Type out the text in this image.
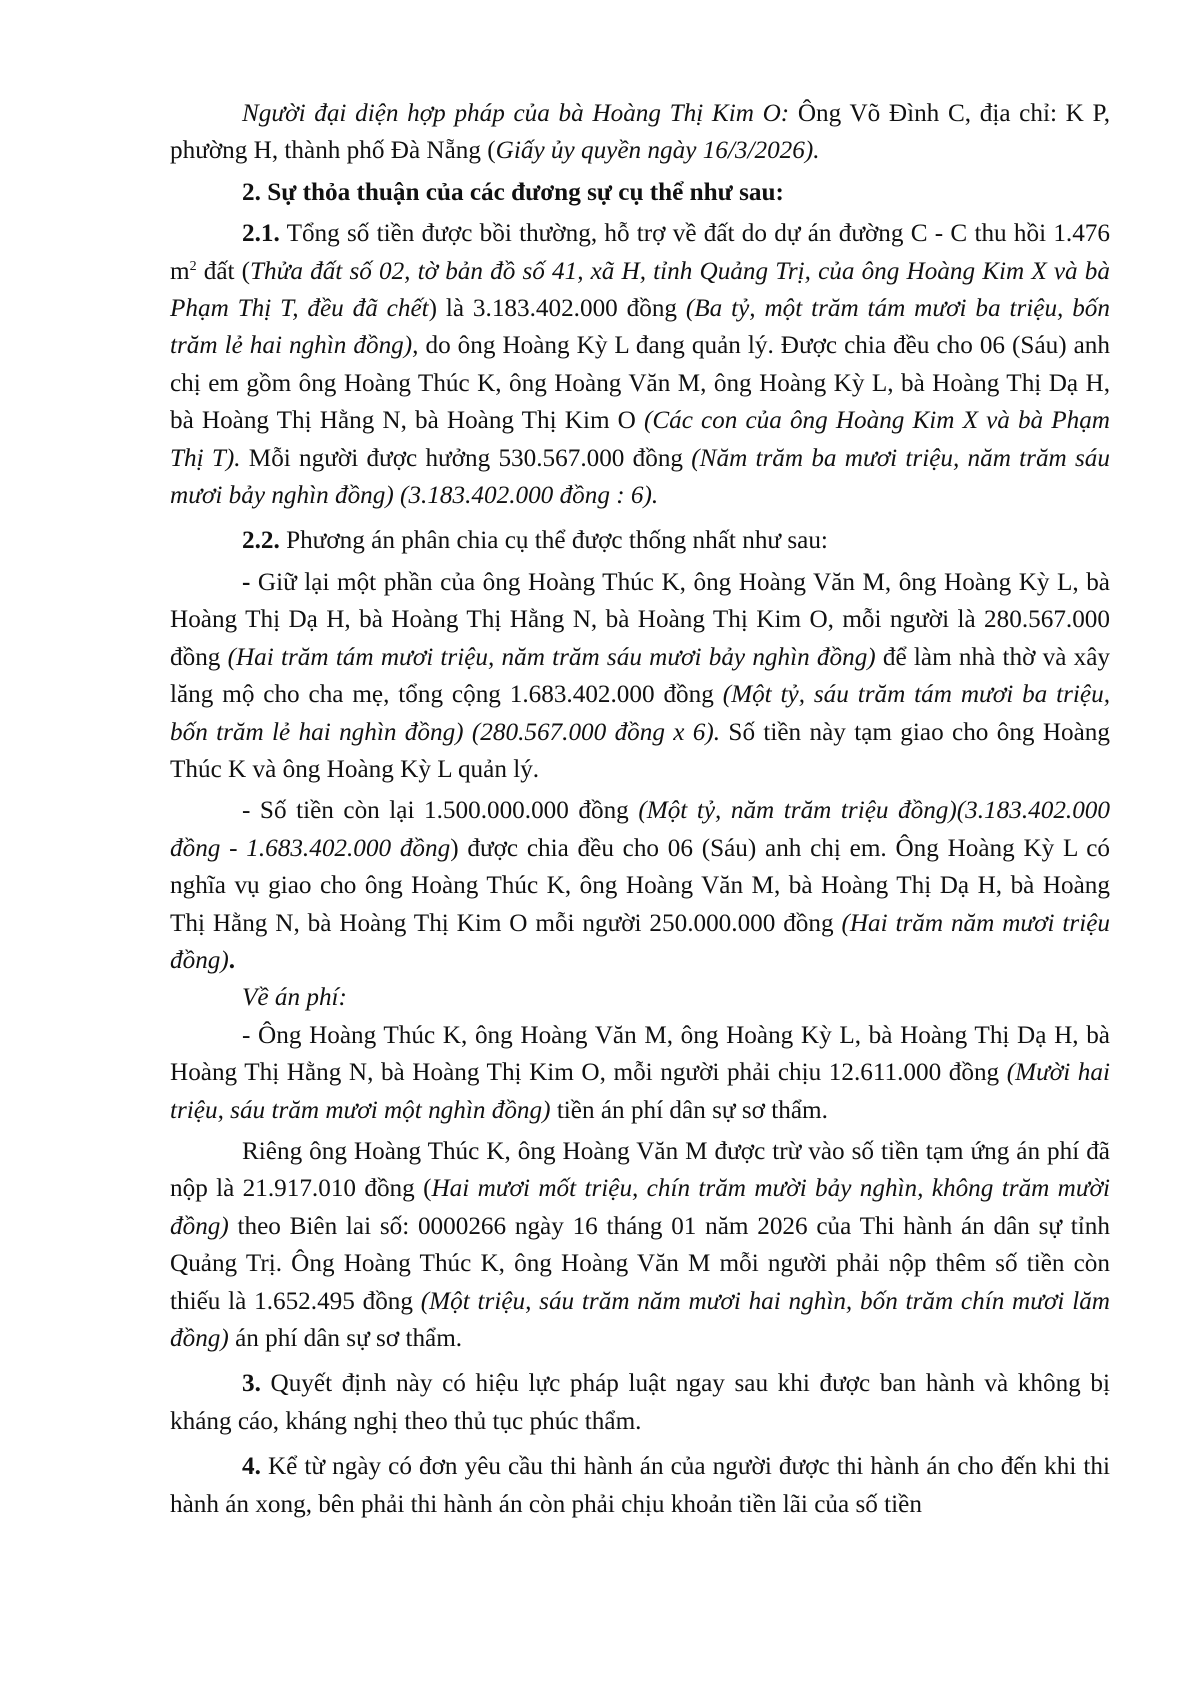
Người đại diện hợp pháp của bà Hoàng Thị Kim O: Ông Võ Đình C, địa chỉ: K P, phường H, thành phố Đà Nẵng (Giấy ủy quyền ngày 16/3/2026).

2. Sự thỏa thuận của các đương sự cụ thể như sau:

2.1. Tổng số tiền được bồi thường, hỗ trợ về đất do dự án đường C - C thu hồi 1.476 $m^2$ đất (Thửa đất số 02, tờ bản đồ số 41, xã H, tỉnh Quảng Trị, của ông Hoàng Kim X và bà Phạm Thị T, đều đã chết) là 3.183.402.000 đồng (Ba tỷ, một trăm tám mươi ba triệu, bốn trăm lẻ hai nghìn đồng), do ông Hoàng Kỳ L đang quản lý. Được chia đều cho 06 (Sáu) anh chị em gồm ông Hoàng Thúc K, ông Hoàng Văn M, ông Hoàng Kỳ L, bà Hoàng Thị Dạ H, bà Hoàng Thị Hằng N, bà Hoàng Thị Kim O (Các con của ông Hoàng Kim X và bà Phạm Thị T). Mỗi người được hưởng 530.567.000 đồng (Năm trăm ba mươi triệu, năm trăm sáu mươi bảy nghìn đồng) (3.183.402.000 đồng : 6).

2.2. Phương án phân chia cụ thể được thống nhất như sau:

- Giữ lại một phần của ông Hoàng Thúc K, ông Hoàng Văn M, ông Hoàng Kỳ L, bà Hoàng Thị Dạ H, bà Hoàng Thị Hằng N, bà Hoàng Thị Kim O, mỗi người là 280.567.000 đồng (Hai trăm tám mươi triệu, năm trăm sáu mươi bảy nghìn đồng) để làm nhà thờ và xây lăng mộ cho cha mẹ, tổng cộng 1.683.402.000 đồng (Một tỷ, sáu trăm tám mươi ba triệu, bốn trăm lẻ hai nghìn đồng) (280.567.000 đồng x 6). Số tiền này tạm giao cho ông Hoàng Thúc K và ông Hoàng Kỳ L quản lý.

- Số tiền còn lại 1.500.000.000 đồng (Một tỷ, năm trăm triệu đồng)(3.183.402.000 đồng - 1.683.402.000 đồng) được chia đều cho 06 (Sáu) anh chị em. Ông Hoàng Kỳ L có nghĩa vụ giao cho ông Hoàng Thúc K, ông Hoàng Văn M, bà Hoàng Thị Dạ H, bà Hoàng Thị Hằng N, bà Hoàng Thị Kim O mỗi người 250.000.000 đồng (Hai trăm năm mươi triệu đồng).

Về án phí:

- Ông Hoàng Thúc K, ông Hoàng Văn M, ông Hoàng Kỳ L, bà Hoàng Thị Dạ H, bà Hoàng Thị Hằng N, bà Hoàng Thị Kim O, mỗi người phải chịu 12.611.000 đồng (Mười hai triệu, sáu trăm mươi một nghìn đồng) tiền án phí dân sự sơ thẩm.

Riêng ông Hoàng Thúc K, ông Hoàng Văn M được trừ vào số tiền tạm ứng án phí đã nộp là 21.917.010 đồng (Hai mươi mốt triệu, chín trăm mười bảy nghìn, không trăm mười đồng) theo Biên lai số: 0000266 ngày 16 tháng 01 năm 2026 của Thi hành án dân sự tỉnh Quảng Trị. Ông Hoàng Thúc K, ông Hoàng Văn M mỗi người phải nộp thêm số tiền còn thiếu là 1.652.495 đồng (Một triệu, sáu trăm năm mươi hai nghìn, bốn trăm chín mươi lăm đồng) án phí dân sự sơ thẩm.

3. Quyết định này có hiệu lực pháp luật ngay sau khi được ban hành và không bị kháng cáo, kháng nghị theo thủ tục phúc thẩm.

4. Kể từ ngày có đơn yêu cầu thi hành án của người được thi hành án cho đến khi thi hành án xong, bên phải thi hành án còn phải chịu khoản tiền lãi của số tiền
